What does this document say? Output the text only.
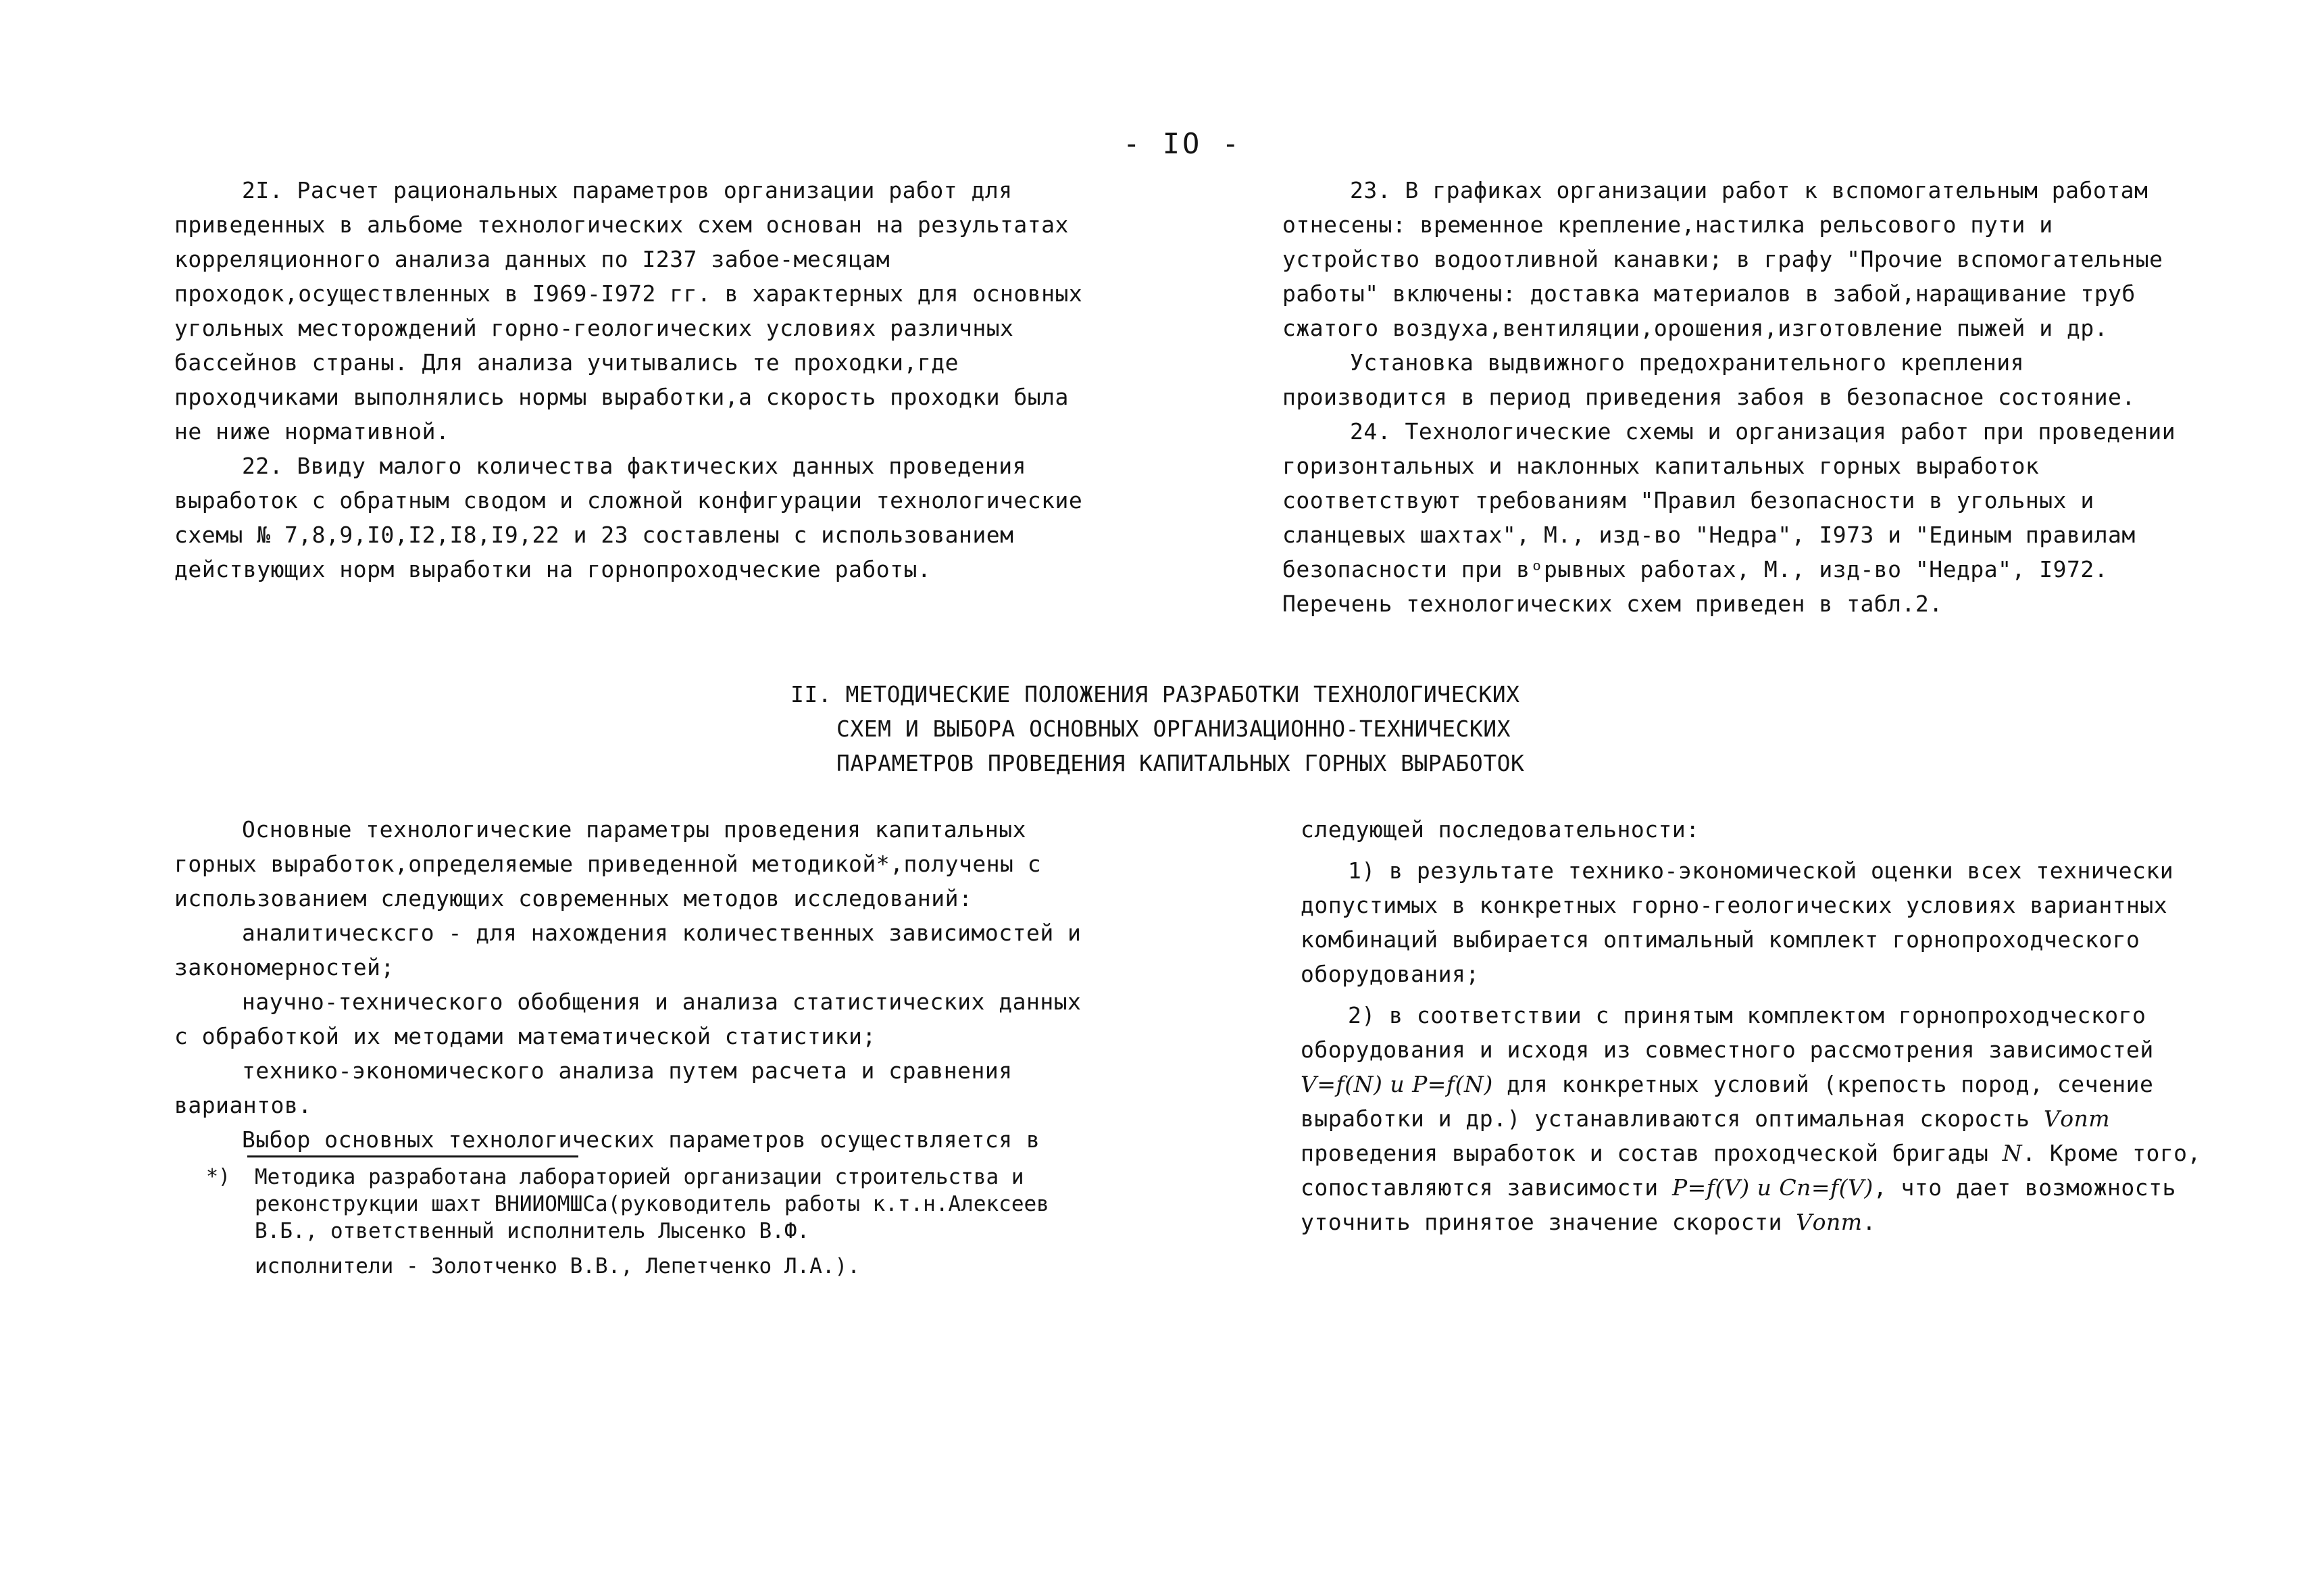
- IO -

2I. Расчет рациональных параметров организации работ для приведенных в альбоме технологических схем основан на результатах корреляционного анализа данных по I237 забое-месяцам проходок,осуществленных в I969-I972 гг. в характерных для основных угольных месторождений горно-геологических условиях различных бассейнов страны. Для анализа учитывались те проходки,где проходчиками выполнялись нормы выработки,а скорость проходки была не ниже нормативной.

22. Ввиду малого количества фактических данных проведения выработок с обратным сводом и сложной конфигурации технологические схемы № 7,8,9,I0,I2,I8,I9,22 и 23 составлены с использованием действующих норм выработки на горнопроходческие работы.

23. В графиках организации работ к вспомогательным работам отнесены: временное крепление,настилка рельсового пути и устройство водоотливной канавки; в графу "Прочие вспомогательные работы" включены: доставка материалов в забой,наращивание труб сжатого воздуха,вентиляции,орошения,изготовление пыжей и др.

Установка выдвижного предохранительного крепления производится в период приведения забоя в безопасное состояние.

24. Технологические схемы и организация работ при проведении горизонтальных и наклонных капитальных горных выработок соответствуют требованиям "Правил безопасности в угольных и сланцевых шахтах", М., изд-во "Недра", I973 и "Единым правилам безопасности при вᵒрывных работах, М., изд-во "Недра", I972. Перечень технологических схем приведен в табл.2.

II. МЕТОДИЧЕСКИЕ ПОЛОЖЕНИЯ РАЗРАБОТКИ ТЕХНОЛОГИЧЕСКИХ
СХЕМ И ВЫБОРА ОСНОВНЫХ ОРГАНИЗАЦИОННО-ТЕХНИЧЕСКИХ
ПАРАМЕТРОВ ПРОВЕДЕНИЯ КАПИТАЛЬНЫХ ГОРНЫХ ВЫРАБОТОК

Основные технологические параметры проведения капитальных горных выработок,определяемые приведенной методикой*,получены с использованием следующих современных методов исследований:

аналитическсго - для нахождения количественных зависимостей и закономерностей;

научно-технического обобщения и анализа статистических данных с обработкой их методами математической статистики;

технико-экономического анализа путем расчета и сравнения вариантов.

Выбор основных технологических параметров осуществляется в

*) Методика разработана лабораторией организации строительства и реконструкции шахт ВНИИОМШСа(руководитель работы к.т.н.Алексеев В.Б., ответственный исполнитель Лысенко В.Ф.
исполнители - Золотченко В.В., Лепетченко Л.А.).

следующей последовательности:

1) в результате технико-экономической оценки всех технически допустимых в конкретных горно-геологических условиях вариантных комбинаций выбирается оптимальный комплект горнопроходческого оборудования;

2) в соответствии с принятым комплектом горнопроходческого оборудования и исходя из совместного рассмотрения зависимостей V=f(N) и P=f(N) для конкретных условий (крепость пород, сечение выработки и др.) устанавливаются оптимальная скорость Vопт проведения выработок и состав проходческой бригады N. Кроме того, сопоставляются зависимости P=f(V) и Cп=f(V), что дает возможность уточнить принятое значение скорости Vопт.
